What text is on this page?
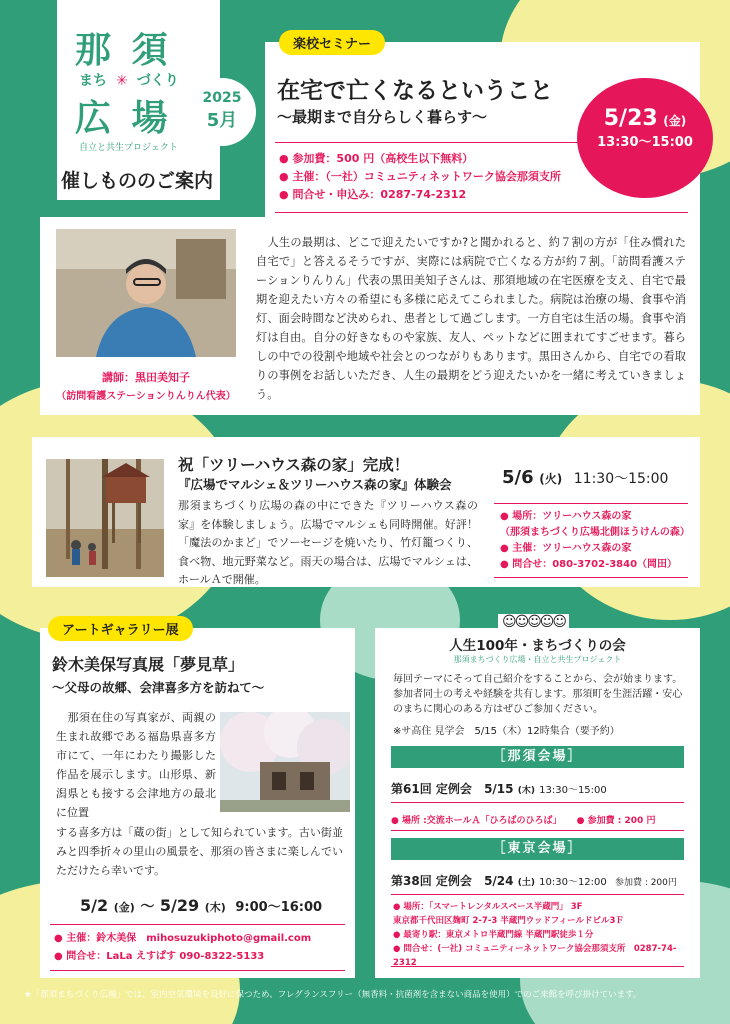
那 須
まち ✳ づくり
広 場
自立と共生プロジェクト
催しもののご案内
2025
5月
楽校セミナー
在宅で亡くなるということ
〜最期まで自分らしく暮らす〜
● 参加費：500 円（高校生以下無料）
● 主催：（一社）コミュニティネットワーク協会那須支所
● 問合せ・申込み：0287-74-2312
5/23 (金)
13:30〜15:00
講師：黒田美知子
（訪問看護ステーションりんりん代表）
　人生の最期は、どこで迎えたいですか?と聞かれると、約７割の方が「住み慣れた自宅で」と答えるそうですが、実際には病院で亡くなる方が約７割。「訪問看護ステーションりんりん」代表の黒田美知子さんは、那須地域の在宅医療を支え、自宅で最期を迎えたい方々の希望にも多様に応えてこられました。病院は治療の場、食事や消灯、面会時間など決められ、患者として過ごします。一方自宅は生活の場。食事や消灯は自由。自分の好きなものや家族、友人、ペットなどに囲まれてすごせます。暮らしの中での役割や地域や社会とのつながりもあります。黒田さんから、自宅での看取りの事例をお話しいただき、人生の最期をどう迎えたいかを一緒に考えていきましょう。
祝「ツリーハウス森の家」完成！
『広場でマルシェ＆ツリーハウス森の家』体験会
那須まちづくり広場の森の中にできた『ツリーハウス森の家』を体験しましょう。広場でマルシェも同時開催。好評！「魔法のかまど」でソーセージを焼いたり、竹灯籠つくり、食べ物、地元野菜など。雨天の場合は、広場でマルシェは、ホールＡで開催。
5/6 (火) 11:30〜15:00
● 場所：ツリーハウス森の家
（那須まちづくり広場北側ほうけんの森）
● 主催：ツリーハウス森の家
● 問合せ：080-3702-3840（岡田）
アートギャラリー展
鈴木美保写真展「夢見草」
〜父母の故郷、会津喜多方を訪ねて〜
　那須在住の写真家が、両親の生まれ故郷である福島県喜多方市にて、一年にわたり撮影した作品を展示します。山形県、新潟県とも接する会津地方の最北に位置
する喜多方は「蔵の街」として知られています。古い街並みと四季折々の里山の風景を、那須の皆さまに楽しんでいただけたら幸いです。
5/2 (金) 〜 5/29 (木) 9:00〜16:00
● 主催：鈴木美保　mihosuzukiphoto@gmail.com
● 問合せ：LaLa えすぱす 090-8322-5133
☺☺☺☺☺
人生100年・まちづくりの会
那須まちづくり広場・自立と共生プロジェクト
毎回テーマにそって自己紹介をすることから、会が始まります。参加者同士の考えや経験を共有します。那須町を生涯活躍・安心のまちに関心のある方はぜひご参加ください。
※サ高住 見学会　5/15（木）12時集合（要予約）
［那須会場］
第61回 定例会 5/15 (木) 13:30〜15:00
● 場所 :交流ホールＡ「ひろばのひろば」 ●	参加費 : 200 円
［東京会場］
第38回 定例会 5/24 (土) 10:30〜12:00 参加費 : 200円
● 場所：「スマートレンタルスペース半蔵門」 3F
東京都千代田区麹町 2-7-3 半蔵門ウッドフィールドビル3Ｆ
● 最寄り駅：東京メトロ半蔵門線 半蔵門駅徒歩１分
● 問合せ：(一社) コミュニティーネットワーク協会那須支所　0287-74-2312
★「那須まちづくり広場」では、室内空気環境を良好に保つため、フレグランスフリー（無香料・抗菌剤を含まない商品を使用）でのご来館を呼び掛けています。
